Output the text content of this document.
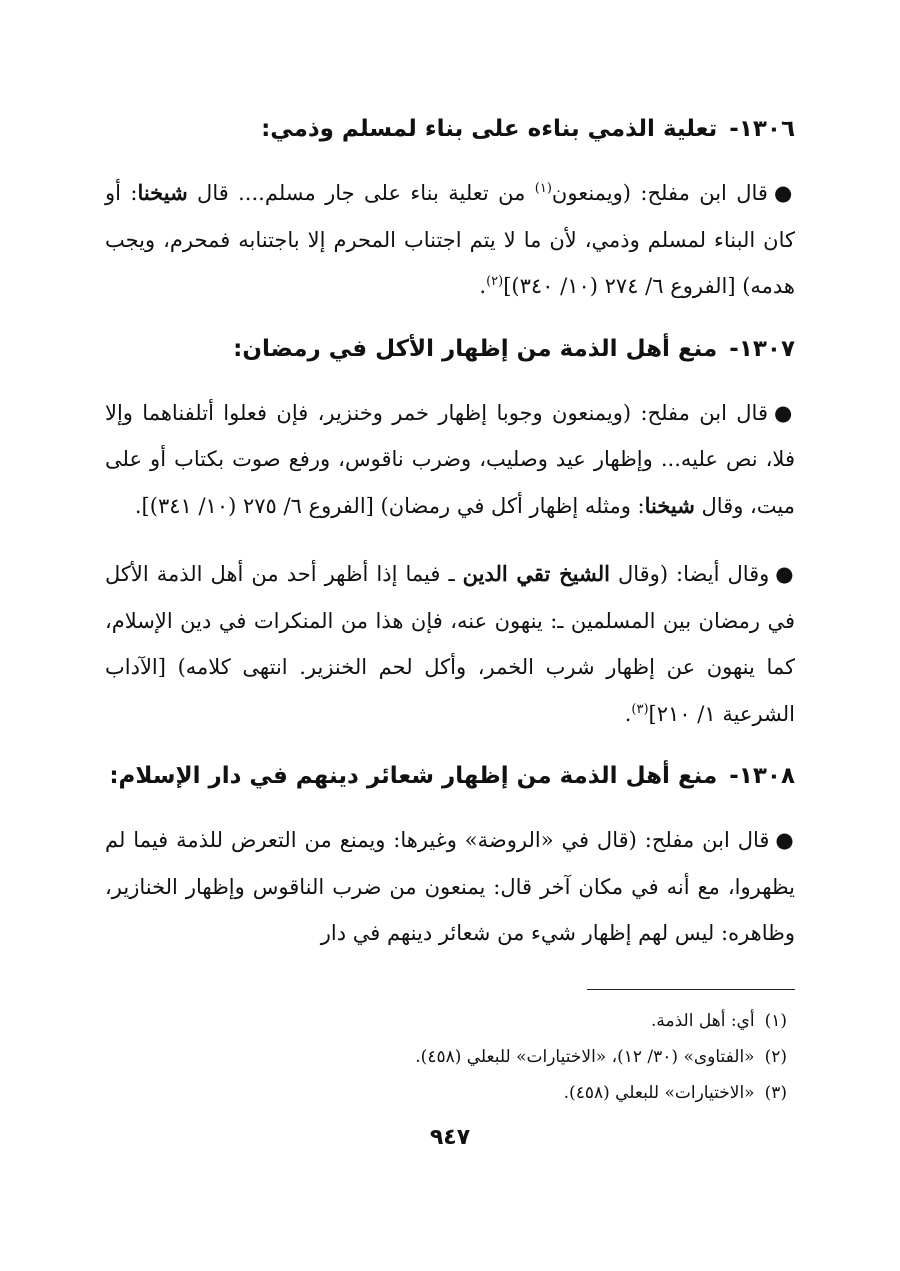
١٣٠٦-تعلية الذمي بناءه على بناء لمسلم وذمي:

●قال ابن مفلح: (ويمنعون$^{(١)}$ من تعلية بناء على جار مسلم.... قال شيخنا: أو كان البناء لمسلم وذمي، لأن ما لا يتم اجتناب المحرم إلا باجتنابه فمحرم، ويجب هدمه) [الفروع ٦/ ٢٧٤ (١٠/ ٣٤٠)]$^{(٢)}$.

١٣٠٧-منع أهل الذمة من إظهار الأكل في رمضان:

●قال ابن مفلح: (ويمنعون وجوبا إظهار خمر وخنزير، فإن فعلوا أتلفناهما وإلا فلا، نص عليه... وإظهار عيد وصليب، وضرب ناقوس، ورفع صوت بكتاب أو على ميت، وقال شيخنا: ومثله إظهار أكل في رمضان) [الفروع ٦/ ٢٧٥ (١٠/ ٣٤١)].

●وقال أيضا: (وقال الشيخ تقي الدين ـ فيما إذا أظهر أحد من أهل الذمة الأكل في رمضان بين المسلمين ـ: ينهون عنه، فإن هذا من المنكرات في دين الإسلام، كما ينهون عن إظهار شرب الخمر، وأكل لحم الخنزير. انتهى كلامه) [الآداب الشرعية ١/ ٢١٠]$^{(٣)}$.

١٣٠٨-منع أهل الذمة من إظهار شعائر دينهم في دار الإسلام:

●قال ابن مفلح: (قال في «الروضة» وغيرها: ويمنع من التعرض للذمة فيما لم يظهروا، مع أنه في مكان آخر قال: يمنعون من ضرب الناقوس وإظهار الخنازير، وظاهره: ليس لهم إظهار شيء من شعائر دينهم في دار

(١)أي: أهل الذمة.

(٢)«الفتاوى» (٣٠/ ١٢)، «الاختيارات» للبعلي (٤٥٨).

(٣)«الاختيارات» للبعلي (٤٥٨).

٩٤٧
